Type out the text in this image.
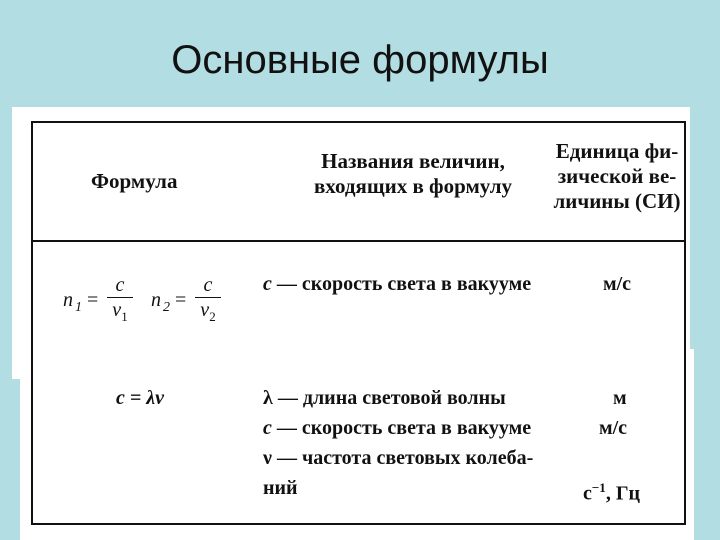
Основные формулы
Формула
Названия величин,
входящих в формулу
Единица фи-
зической ве-
личины (СИ)
n $1 = \frac{c}{v_1}$ n $2 = \frac{c}{v_2}$ c — скорость света в вакууме	м/с
c = λν	λ — длина световой волны
c — скорость света в вакууме
ν — частота световых колеба-
ний
м
м/с
$с^{-1}$, Гц
